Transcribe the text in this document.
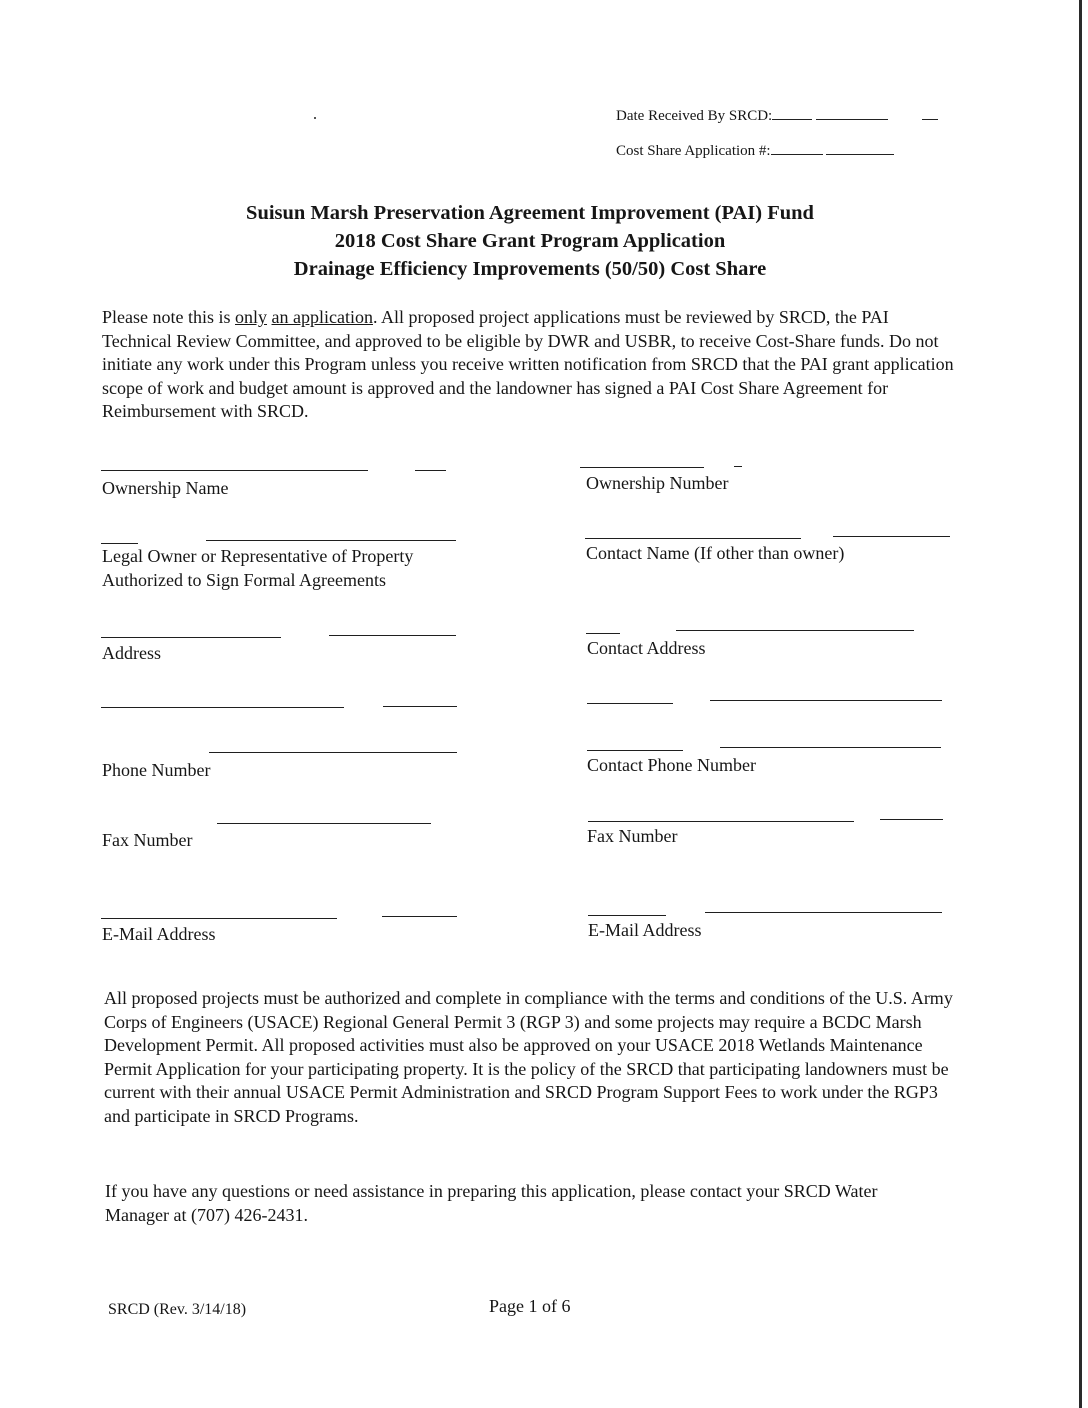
Date Received By SRCD:
Cost Share Application #:
Suisun Marsh Preservation Agreement Improvement (PAI) Fund
2018 Cost Share Grant Program Application
Drainage Efficiency Improvements (50/50) Cost Share
Please note this is only an application. All proposed project applications must be reviewed by SRCD, the PAI Technical Review Committee, and approved to be eligible by DWR and USBR, to receive Cost-Share funds. Do not initiate any work under this Program unless you receive written notification from SRCD that the PAI grant application scope of work and budget amount is approved and the landowner has signed a PAI Cost Share Agreement for Reimbursement with SRCD.
Ownership Name
Legal Owner or Representative of Property
Authorized to Sign Formal Agreements
Address
Phone Number
Fax Number
E-Mail Address
Ownership Number
Contact Name (If other than owner)
Contact Address
Contact Phone Number
Fax Number
E-Mail Address
All proposed projects must be authorized and complete in compliance with the terms and conditions of the U.S. Army Corps of Engineers (USACE) Regional General Permit 3 (RGP 3) and some projects may require a BCDC Marsh Development Permit. All proposed activities must also be approved on your USACE 2018 Wetlands Maintenance Permit Application for your participating property. It is the policy of the SRCD that participating landowners must be current with their annual USACE Permit Administration and SRCD Program Support Fees to work under the RGP3 and participate in SRCD Programs.
If you have any questions or need assistance in preparing this application, please contact your SRCD Water Manager at (707) 426-2431.
SRCD (Rev. 3/14/18)	Page 1 of 6
